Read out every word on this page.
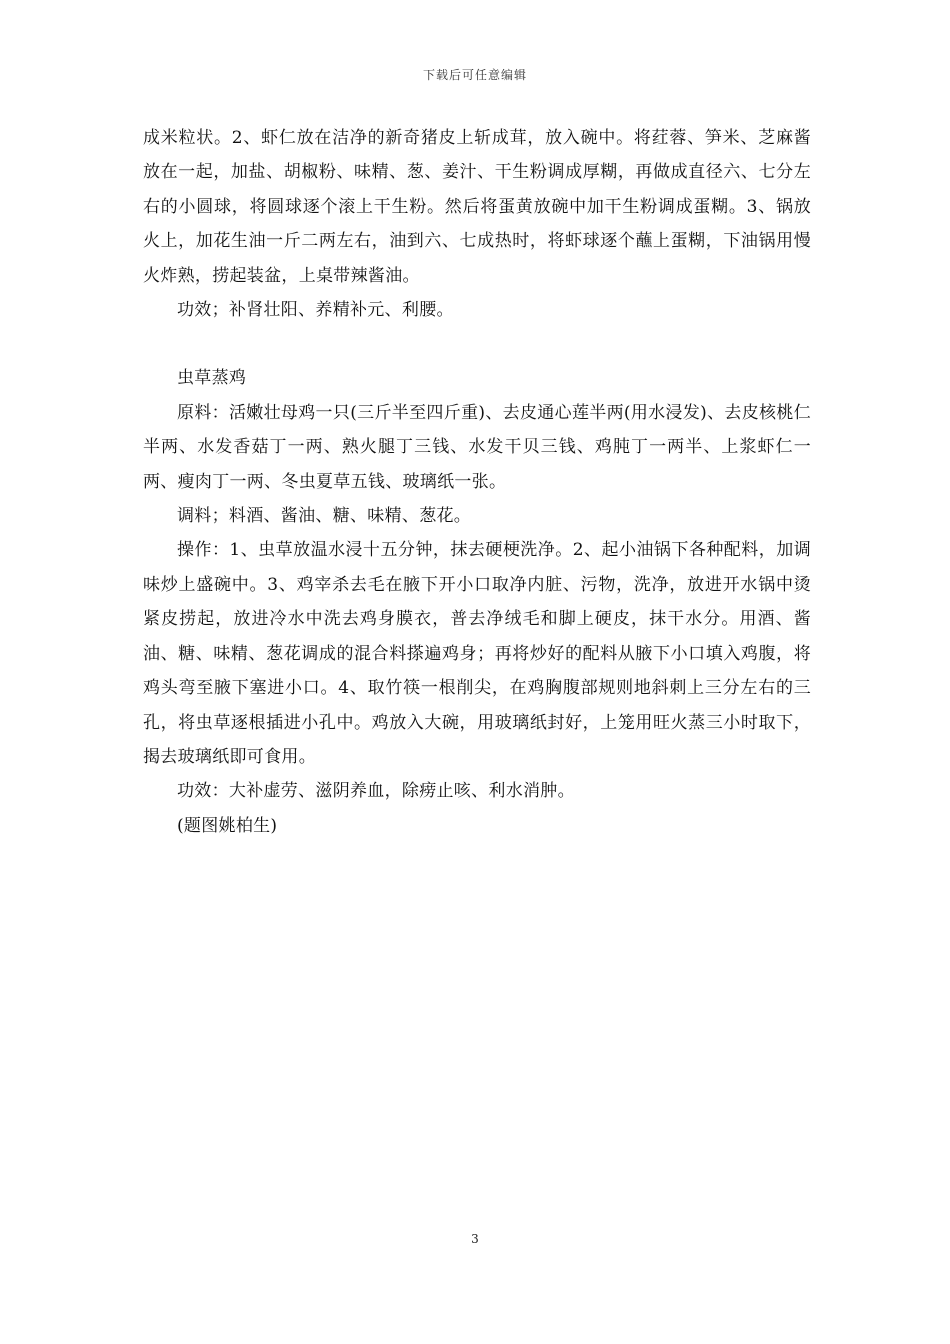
下载后可任意编辑

成米粒状。2、虾仁放在洁净的新奇猪皮上斩成茸，放入碗中。将荭蓉、笋米、芝麻酱放在一起，加盐、胡椒粉、味精、葱、姜汁、干生粉调成厚糊，再做成直径六、七分左右的小圆球，将圆球逐个滚上干生粉。然后将蛋黄放碗中加干生粉调成蛋糊。3、锅放火上，加花生油一斤二两左右，油到六、七成热时，将虾球逐个蘸上蛋糊，下油锅用慢火炸熟，捞起装盆，上桌带辣酱油。

功效；补肾壮阳、养精补元、利腰。

虫草蒸鸡

原料：活嫩壮母鸡一只(三斤半至四斤重)、去皮通心莲半两(用水浸发)、去皮核桃仁半两、水发香菇丁一两、熟火腿丁三钱、水发干贝三钱、鸡肫丁一两半、上浆虾仁一两、瘦肉丁一两、冬虫夏草五钱、玻璃纸一张。

调料；料酒、酱油、糖、味精、葱花。

操作：1、虫草放温水浸十五分钟，抹去硬梗洗净。2、起小油锅下各种配料，加调味炒上盛碗中。3、鸡宰杀去毛在腋下开小口取净内脏、污物，洗净，放进开水锅中烫紧皮捞起，放进冷水中洗去鸡身膜衣，普去净绒毛和脚上硬皮，抹干水分。用酒、酱油、糖、味精、葱花调成的混合料搽遍鸡身；再将炒好的配料从腋下小口填入鸡腹，将鸡头弯至腋下塞进小口。4、取竹筷一根削尖，在鸡胸腹部规则地斜刺上三分左右的三孔，将虫草逐根插进小孔中。鸡放入大碗，用玻璃纸封好，上笼用旺火蒸三小时取下，揭去玻璃纸即可食用。

功效：大补虚劳、滋阴养血，除痨止咳、利水消肿。

(题图姚柏生)

3
